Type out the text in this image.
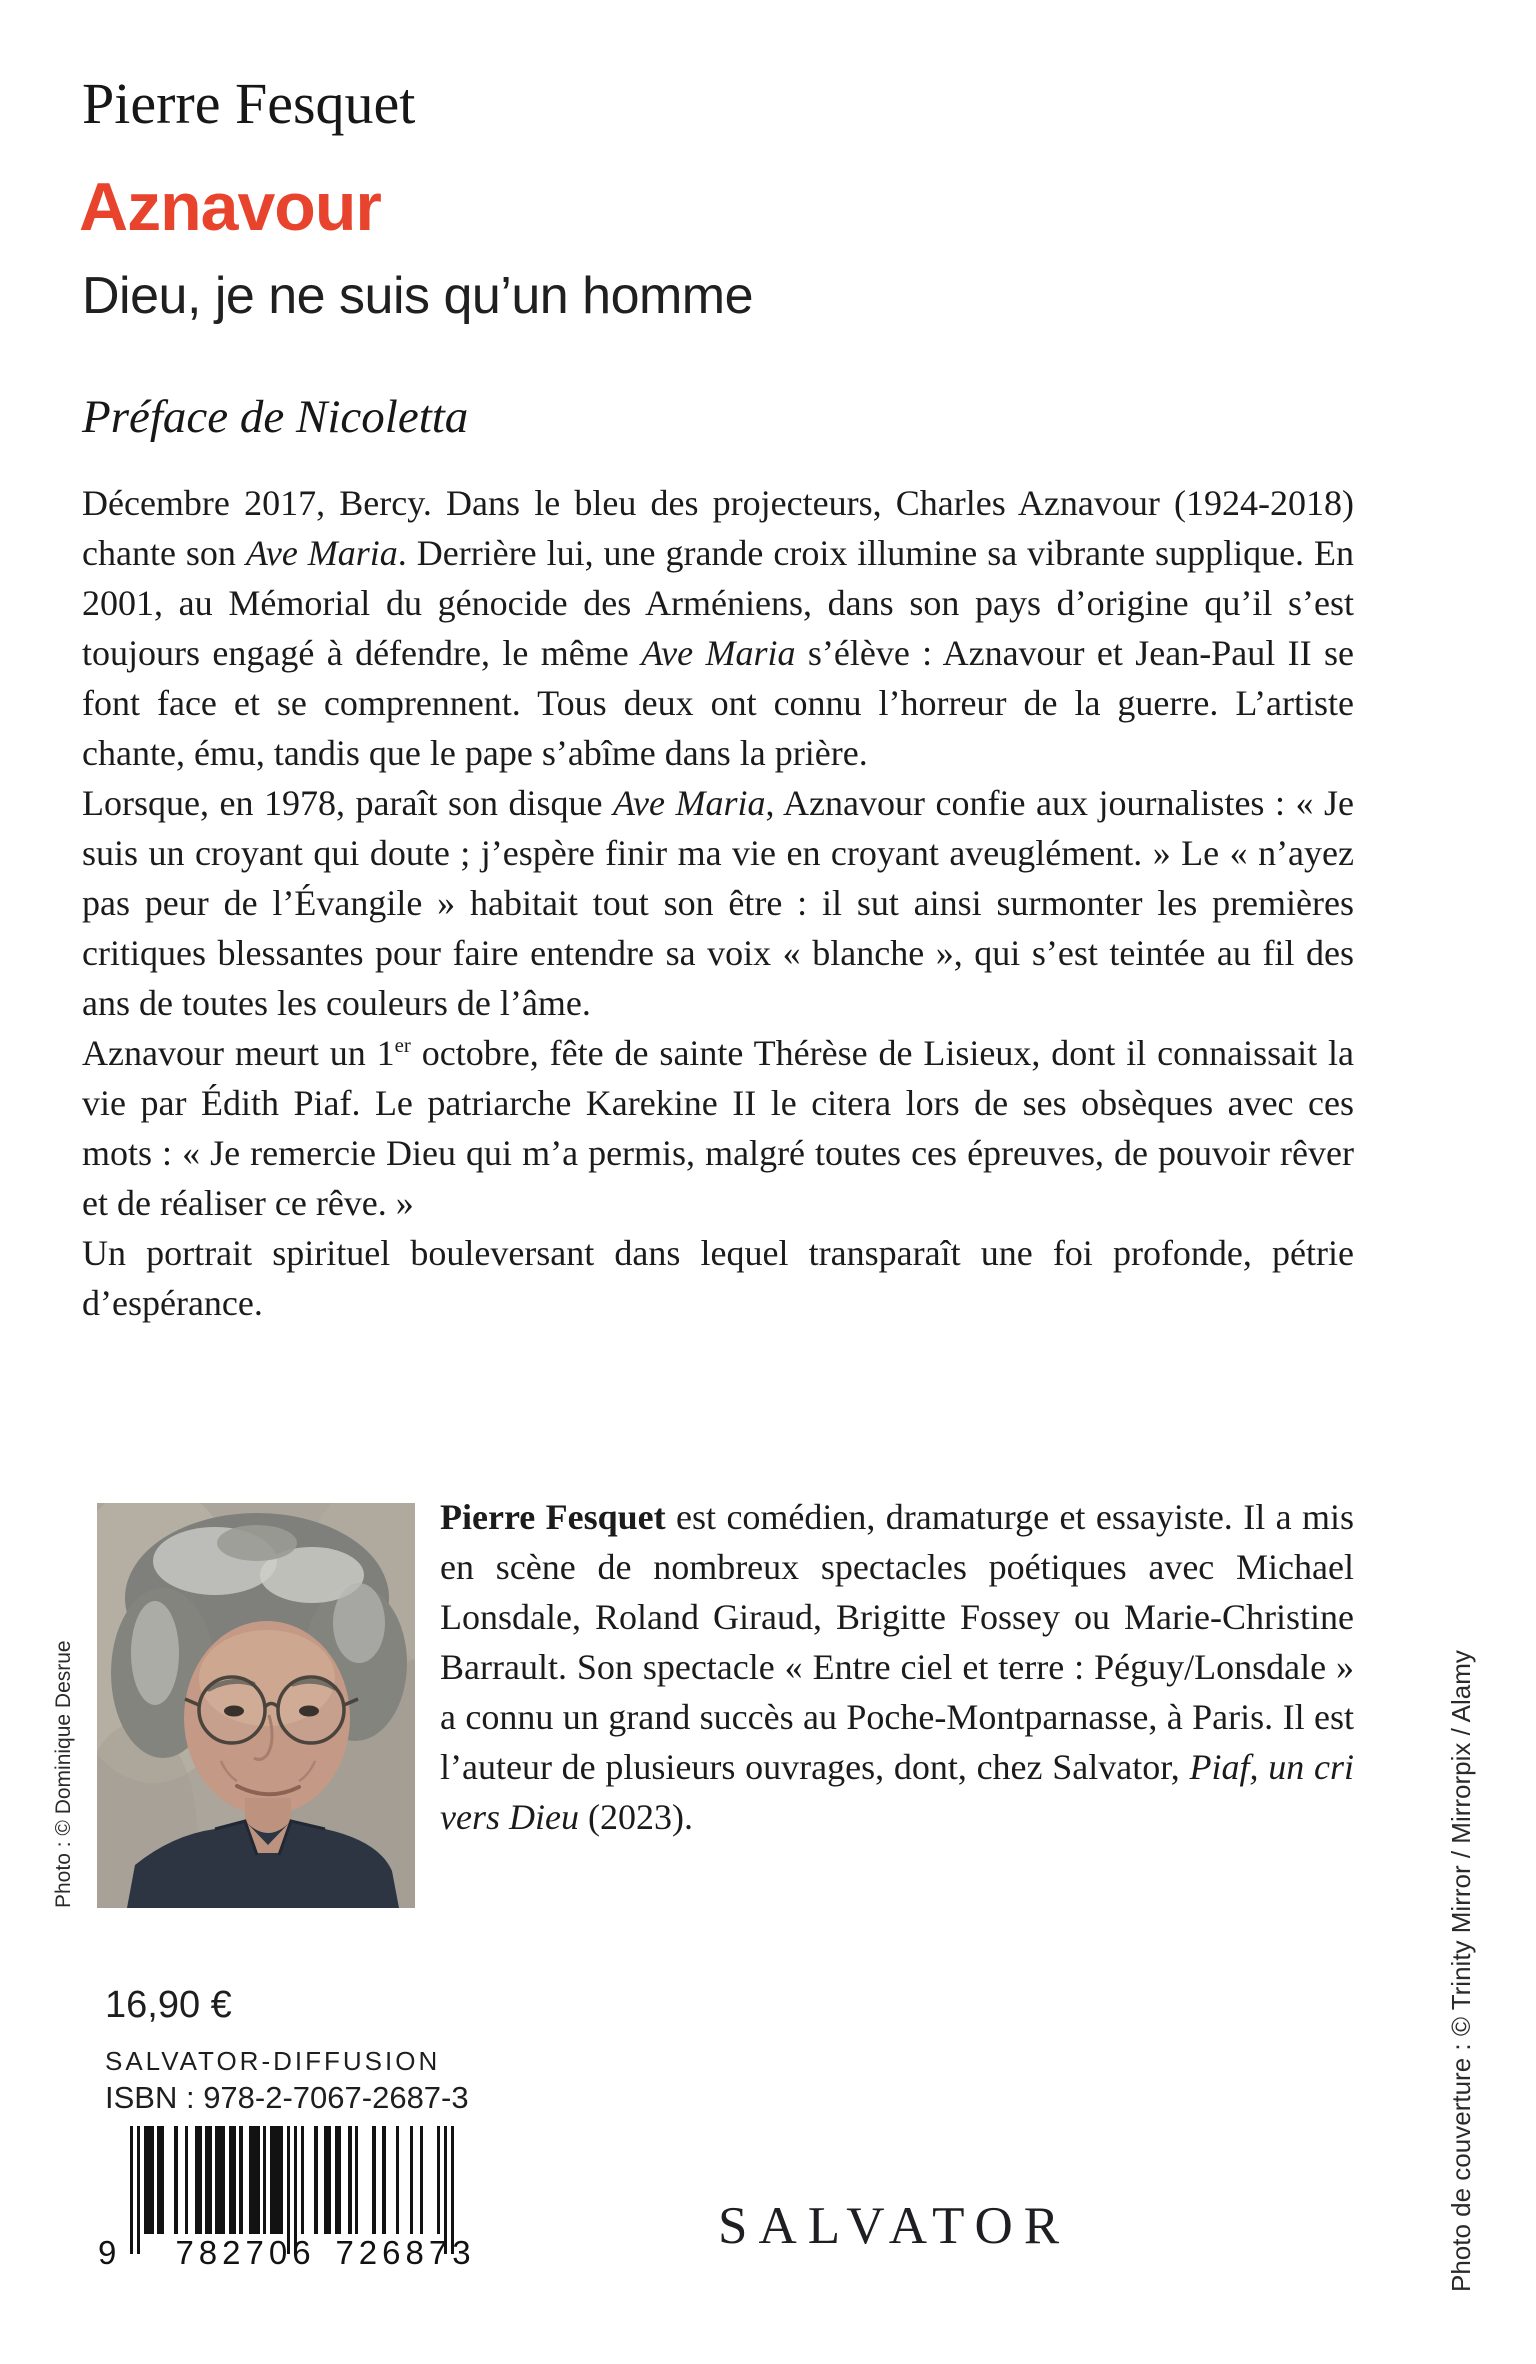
Pierre Fesquet
Aznavour
Dieu, je ne suis qu’un homme
Préface de Nicoletta

Décembre 2017, Bercy. Dans le bleu des projecteurs, Charles Aznavour (1924-2018) chante son Ave Maria. Derrière lui, une grande croix illumine sa vibrante supplique. En 2001, au Mémorial du génocide des Arméniens, dans son pays d’origine qu’il s’est toujours engagé à défendre, le même Ave Maria s’élève : Aznavour et Jean-Paul II se font face et se comprennent. Tous deux ont connu l’horreur de la guerre. L’artiste chante, ému, tandis que le pape s’abîme dans la prière.

Lorsque, en 1978, paraît son disque Ave Maria, Aznavour confie aux journalistes : « Je suis un croyant qui doute ; j’espère finir ma vie en croyant aveuglément. » Le « n’ayez pas peur de l’Évangile » habitait tout son être : il sut ainsi surmonter les premières critiques blessantes pour faire entendre sa voix « blanche », qui s’est teintée au fil des ans de toutes les couleurs de l’âme.

Aznavour meurt un 1er octobre, fête de sainte Thérèse de Lisieux, dont il connaissait la vie par Édith Piaf. Le patriarche Karekine II le citera lors de ses obsèques avec ces mots : « Je remercie Dieu qui m’a permis, malgré toutes ces épreuves, de pouvoir rêver et de réaliser ce rêve. »

Un portrait spirituel bouleversant dans lequel transparaît une foi profonde, pétrie d’espérance.

Pierre Fesquet est comédien, dramaturge et essayiste. Il a mis en scène de nombreux spectacles poétiques avec Michael Lonsdale, Roland Giraud, Brigitte Fossey ou Marie-Christine Barrault. Son spectacle « Entre ciel et terre : Péguy/Lonsdale » a connu un grand succès au Poche-Montparnasse, à Paris. Il est l’auteur de plusieurs ouvrages, dont, chez Salvator, Piaf, un cri vers Dieu (2023).
Photo : © Dominique Desrue	Photo de couverture : © Trinity Mirror / Mirrorpix / Alamy
16,90 €
SALVATOR-DIFFUSION
ISBN : 978-2-7067-2687-3
9 782706 726873	SALVATOR
